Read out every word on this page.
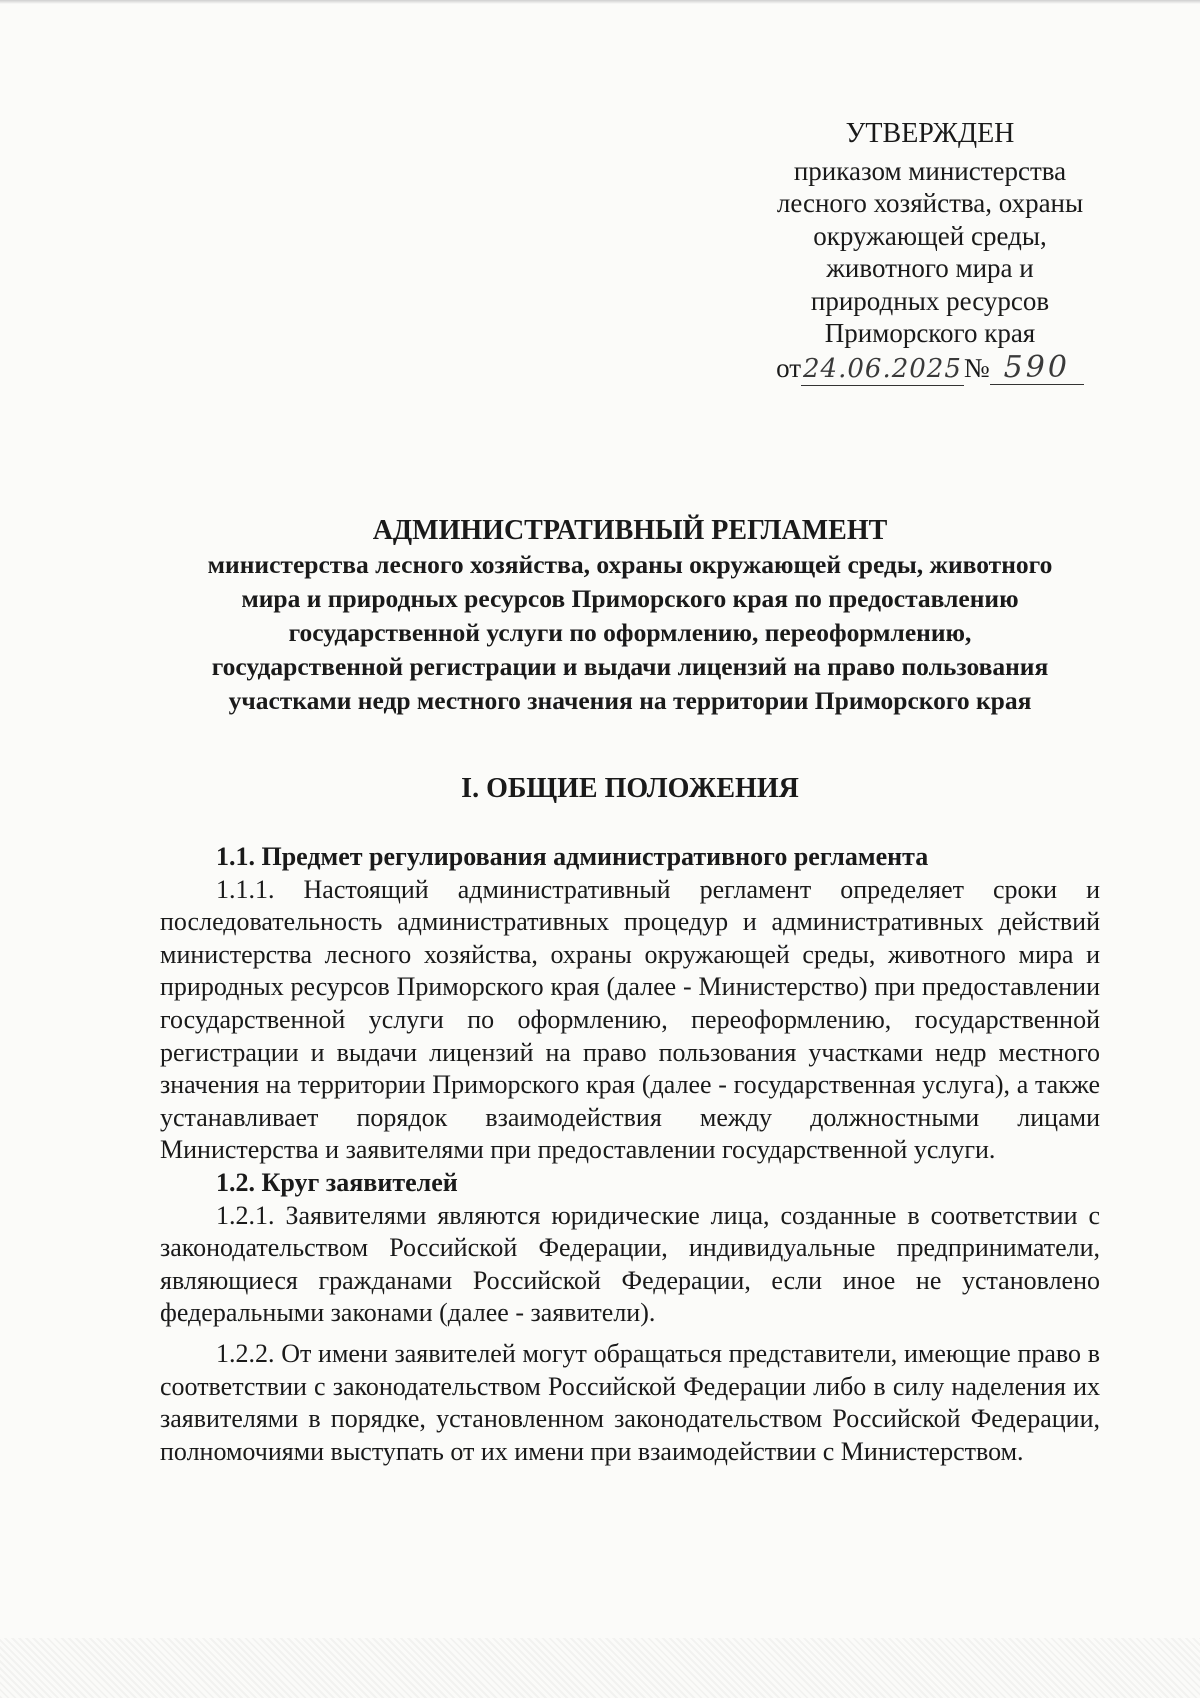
УТВЕРЖДЕН
приказом министерства
лесного хозяйства, охраны
окружающей среды,
животного мира и
природных ресурсов
Приморского края
от 24.06.2025 № 590
АДМИНИСТРАТИВНЫЙ РЕГЛАМЕНТ
министерства лесного хозяйства, охраны окружающей среды, животного
мира и природных ресурсов Приморского края по предоставлению
государственной услуги по оформлению, переоформлению,
государственной регистрации и выдачи лицензий на право пользования
участками недр местного значения на территории Приморского края
I. ОБЩИЕ ПОЛОЖЕНИЯ

1.1. Предмет регулирования административного регламента

1.1.1. Настоящий административный регламент определяет сроки и последовательность административных процедур и административных действий министерства лесного хозяйства, охраны окружающей среды, животного мира и природных ресурсов Приморского края (далее - Министерство) при предоставлении государственной услуги по оформлению, переоформлению, государственной регистрации и выдачи лицензий на право пользования участками недр местного значения на территории Приморского края (далее - государственная услуга), а также устанавливает порядок взаимодействия между должностными лицами Министерства и заявителями при предоставлении государственной услуги.

1.2. Круг заявителей

1.2.1. Заявителями являются юридические лица, созданные в соответствии с законодательством Российской Федерации, индивидуальные предприниматели, являющиеся гражданами Российской Федерации, если иное не установлено федеральными законами (далее - заявители).

1.2.2. От имени заявителей могут обращаться представители, имеющие право в соответствии с законодательством Российской Федерации либо в силу наделения их заявителями в порядке, установленном законодательством Российской Федерации, полномочиями выступать от их имени при взаимодействии с Министерством.
